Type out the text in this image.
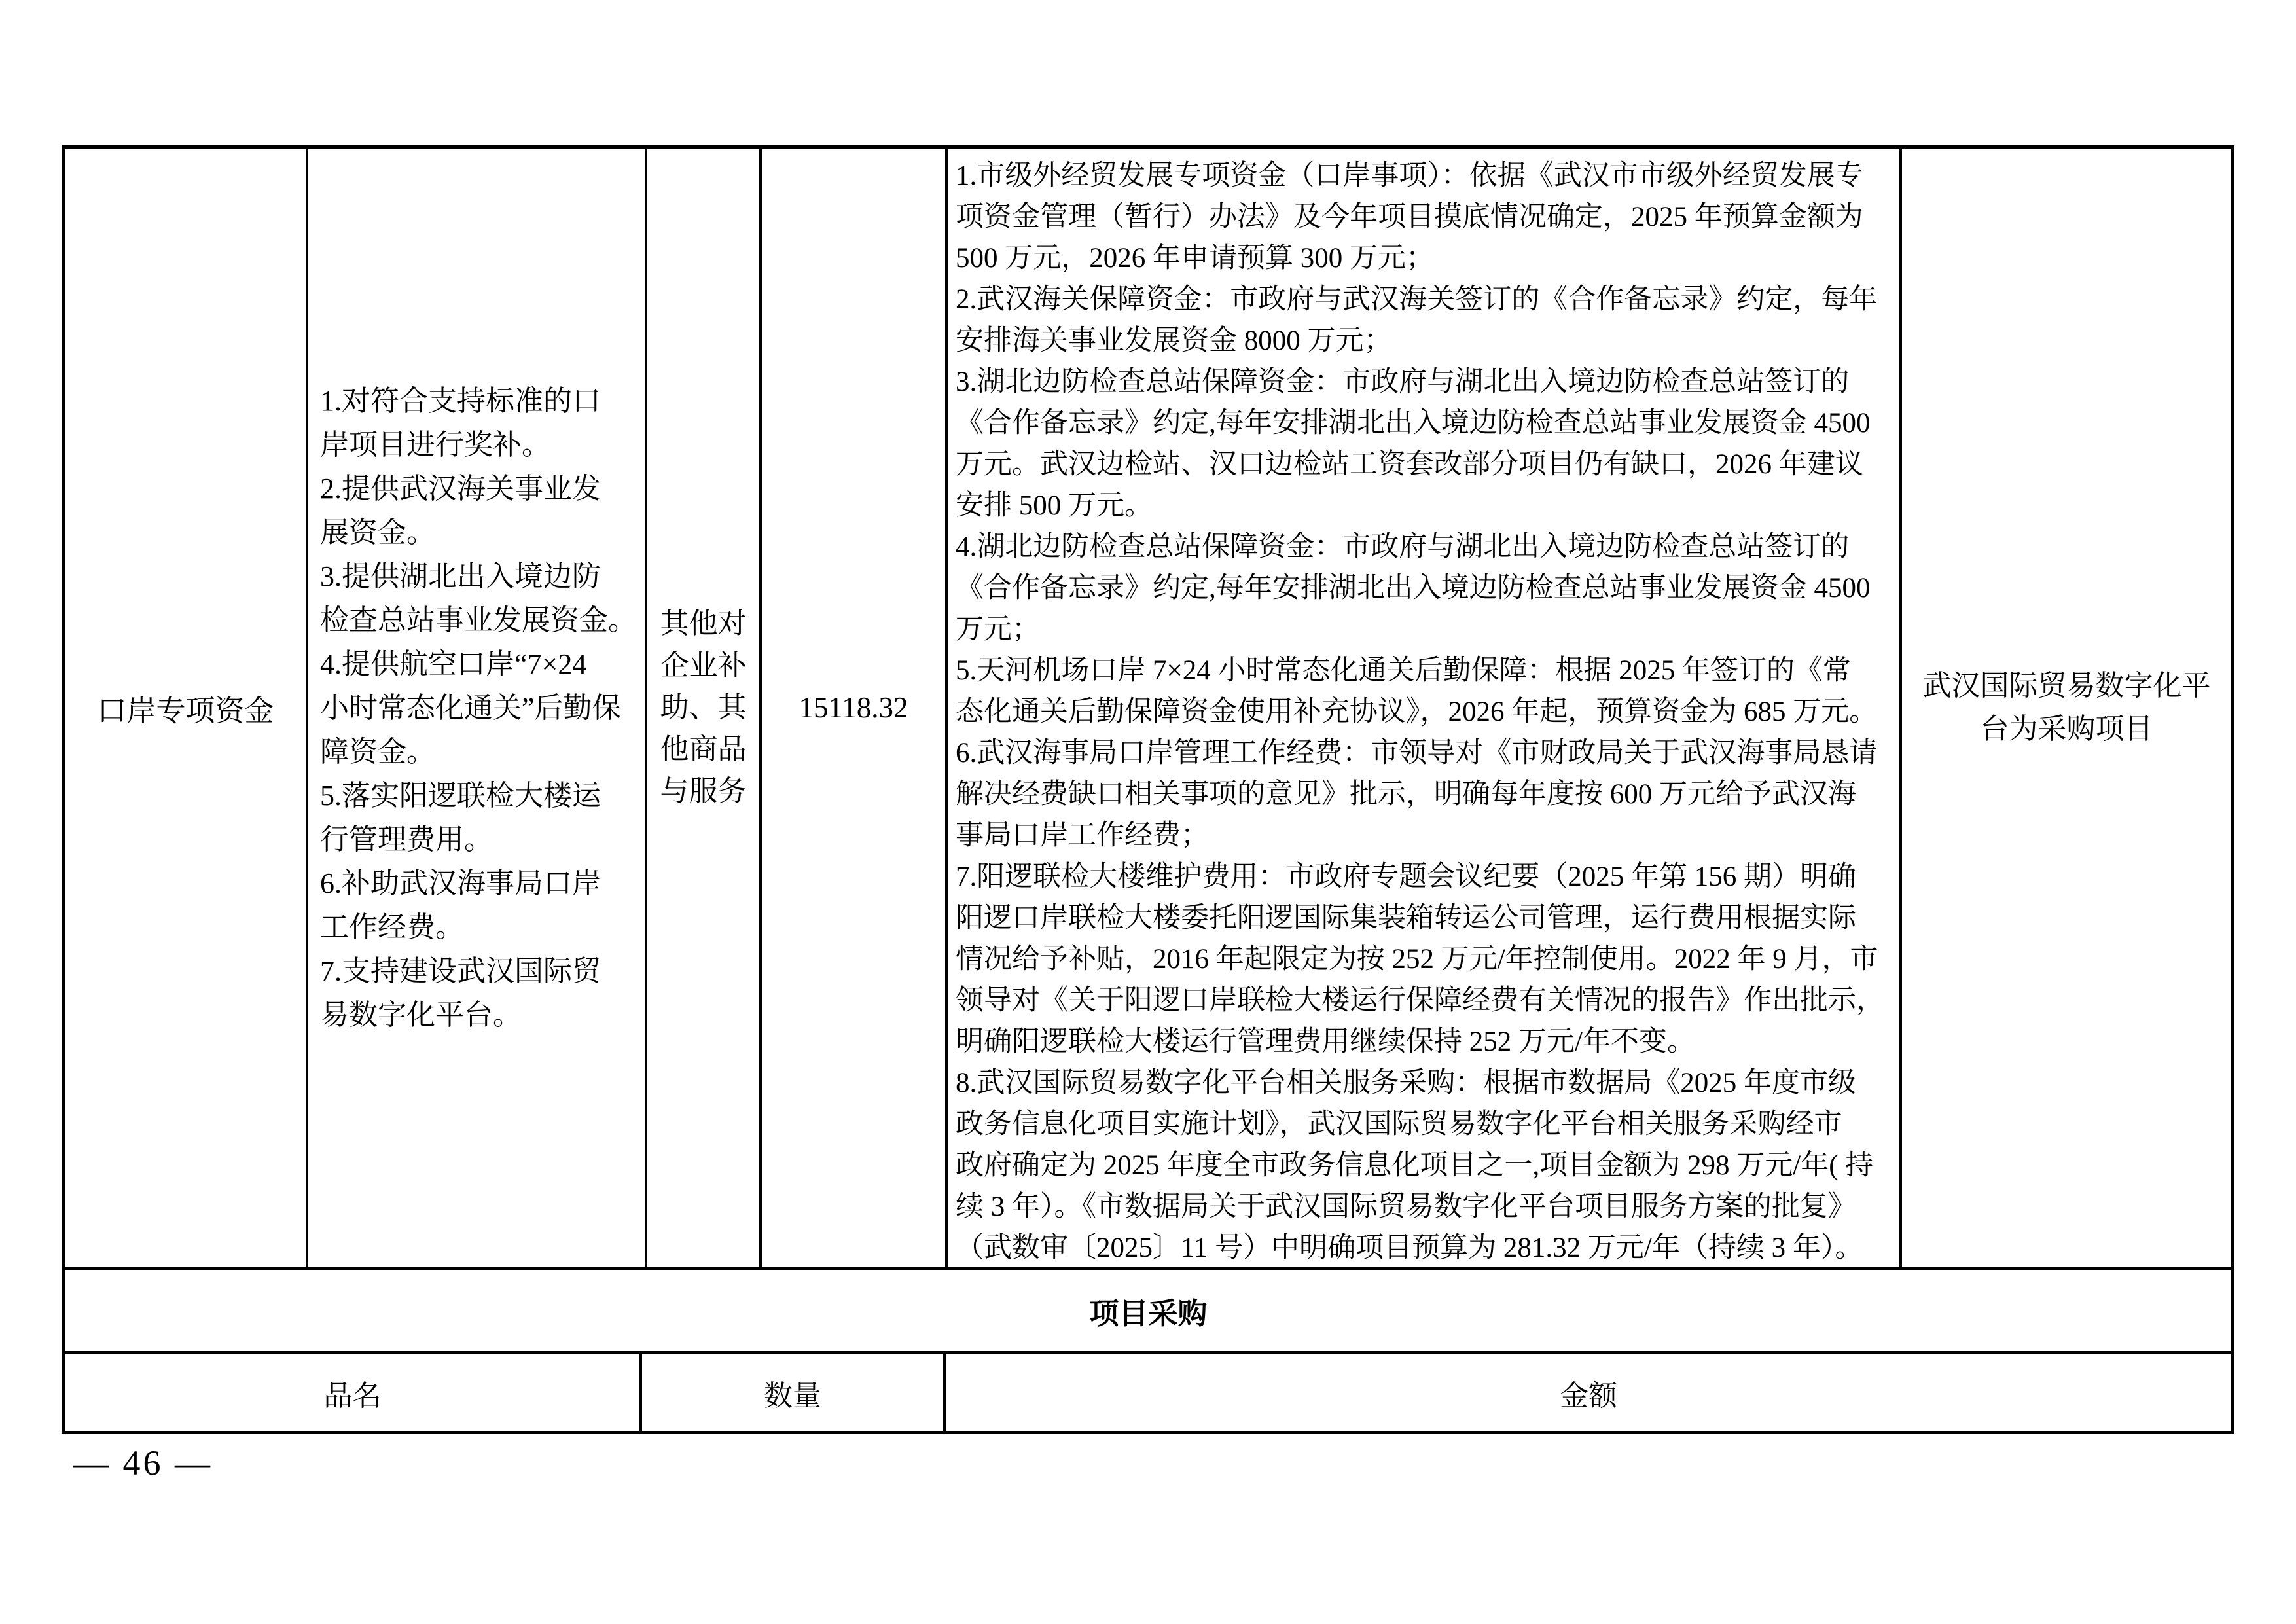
口岸专项资金
1.对符合支持标准的口
岸项目进行奖补。
2.提供武汉海关事业发
展资金。
3.提供湖北出入境边防
检查总站事业发展资金。
4.提供航空口岸“7×24
小时常态化通关”后勤保
障资金。
5.落实阳逻联检大楼运
行管理费用。
6.补助武汉海事局口岸
工作经费。
7.支持建设武汉国际贸
易数字化平台。
其他对
企业补
助、其
他商品
与服务
15118.32
1.市级外经贸发展专项资金（口岸事项）：依据《武汉市市级外经贸发展专
项资金管理（暂行）办法》及今年项目摸底情况确定，2025 年预算金额为
500 万元，2026 年申请预算 300 万元；
2.武汉海关保障资金：市政府与武汉海关签订的《合作备忘录》约定，每年
安排海关事业发展资金 8000 万元；
3.湖北边防检查总站保障资金：市政府与湖北出入境边防检查总站签订的
《合作备忘录》约定,每年安排湖北出入境边防检查总站事业发展资金 4500
万元。武汉边检站、汉口边检站工资套改部分项目仍有缺口，2026 年建议
安排 500 万元。
4.湖北边防检查总站保障资金：市政府与湖北出入境边防检查总站签订的
《合作备忘录》约定,每年安排湖北出入境边防检查总站事业发展资金 4500
万元；
5.天河机场口岸 7×24 小时常态化通关后勤保障：根据 2025 年签订的《常
态化通关后勤保障资金使用补充协议》，2026 年起，预算资金为 685 万元。
6.武汉海事局口岸管理工作经费：市领导对《市财政局关于武汉海事局恳请
解决经费缺口相关事项的意见》批示，明确每年度按 600 万元给予武汉海
事局口岸工作经费；
7.阳逻联检大楼维护费用：市政府专题会议纪要（2025 年第 156 期）明确
阳逻口岸联检大楼委托阳逻国际集装箱转运公司管理，运行费用根据实际
情况给予补贴，2016 年起限定为按 252 万元/年控制使用。2022 年 9 月，市
领导对《关于阳逻口岸联检大楼运行保障经费有关情况的报告》作出批示，
明确阳逻联检大楼运行管理费用继续保持 252 万元/年不变。
8.武汉国际贸易数字化平台相关服务采购：根据市数据局《2025 年度市级
政务信息化项目实施计划》，武汉国际贸易数字化平台相关服务采购经市
政府确定为 2025 年度全市政务信息化项目之一,项目金额为 298 万元/年( 持
续 3 年）。《市数据局关于武汉国际贸易数字化平台项目服务方案的批复》
（武数审〔2025〕11 号）中明确项目预算为 281.32 万元/年（持续 3 年）。
武汉国际贸易数字化平
台为采购项目
项目采购
品名	数量	金额
— 46 —
